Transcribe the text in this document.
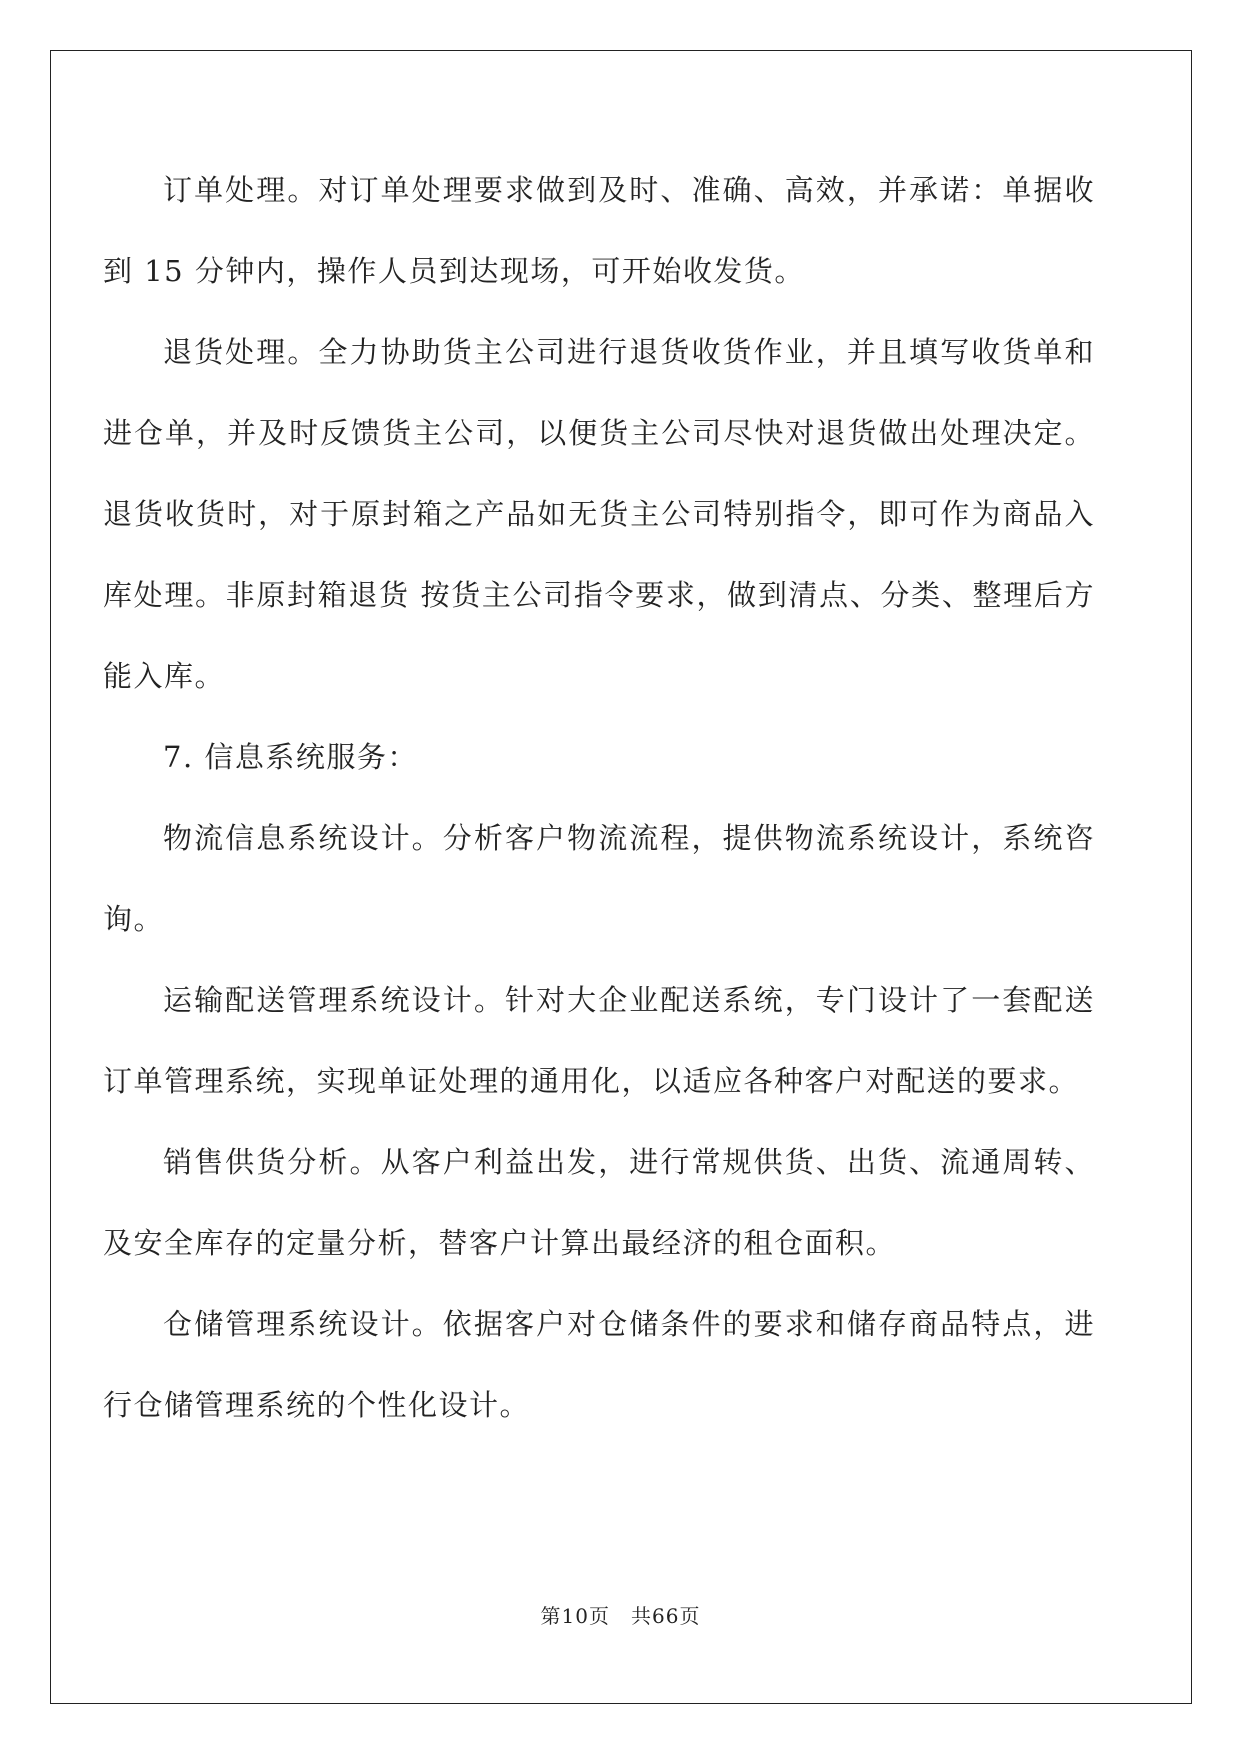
订单处理。对订单处理要求做到及时、准确、高效，并承诺：单据收到 15 分钟内，操作人员到达现场，可开始收发货。

退货处理。全力协助货主公司进行退货收货作业，并且填写收货单和进仓单，并及时反馈货主公司，以便货主公司尽快对退货做出处理决定。退货收货时，对于原封箱之产品如无货主公司特别指令，即可作为商品入库处理。非原封箱退货 按货主公司指令要求，做到清点、分类、整理后方能入库。

7. 信息系统服务：

物流信息系统设计。分析客户物流流程，提供物流系统设计，系统咨询。

运输配送管理系统设计。针对大企业配送系统，专门设计了一套配送订单管理系统，实现单证处理的通用化，以适应各种客户对配送的要求。

销售供货分析。从客户利益出发，进行常规供货、出货、流通周转、及安全库存的定量分析，替客户计算出最经济的租仓面积。

仓储管理系统设计。依据客户对仓储条件的要求和储存商品特点，进行仓储管理系统的个性化设计。

第10页　共66页
